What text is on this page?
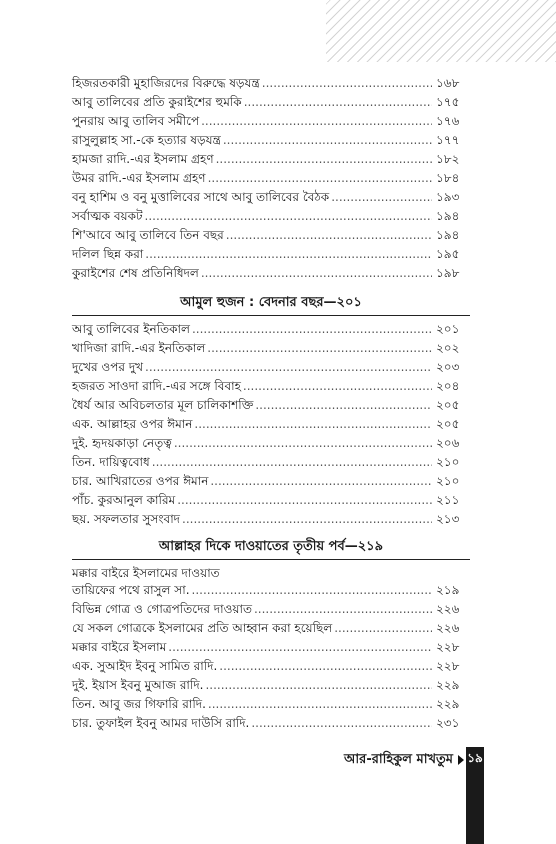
হিজরতকারী মুহাজিরদের বিরুদ্ধে ষড়যন্ত্র .....	১৬৮
আবু তালিবের প্রতি কুরাইশের হুমকি .....	১৭৫
পুনরায় আবু তালিব সমীপে .....	১৭৬
রাসুলুল্লাহ সা.-কে হত্যার ষড়যন্ত্র .....	১৭৭
হামজা রাদি.-এর ইসলাম গ্রহণ .....	১৮২
উমর রাদি.-এর ইসলাম গ্রহণ .....	১৮৪
বনু হাশিম ও বনু মুত্তালিবের সাথে আবু তালিবের বৈঠক .....	১৯৩
সর্বাত্মক বয়কট .....	১৯৪
শি'আবে আবু তালিবে তিন বছর .....	১৯৪
দলিল ছিন্ন করা .....	১৯৫
কুরাইশের শেষ প্রতিনিধিদল .....	১৯৮
আমুল হুজন : বেদনার বছর—২০১
আবু তালিবের ইনতিকাল .....	২০১
খাদিজা রাদি.-এর ইনতিকাল .....	২০২
দুখের ওপর দুখ .....	২০৩
হজরত সাওদা রাদি.-এর সঙ্গে বিবাহ .....	২০৪
ধৈর্য আর অবিচলতার মূল চালিকাশক্তি .....	২০৫
এক. আল্লাহর ওপর ঈমান .....	২০৫
দুই. হৃদয়কাড়া নেতৃত্ব .....	২০৬
তিন. দায়িত্ববোধ .....	২১০
চার. আখিরাতের ওপর ঈমান .....	২১০
পাঁচ. কুরআনুল কারিম .....	২১১
ছয়. সফলতার সুসংবাদ .....	২১৩
আল্লাহর দিকে দাওয়াতের তৃতীয় পর্ব—২১৯
মক্কার বাইরে ইসলামের দাওয়াত
তায়িফের পথে রাসুল সা. .....	২১৯
বিভিন্ন গোত্র ও গোত্রপতিদের দাওয়াত .....	২২৬
যে সকল গোত্রকে ইসলামের প্রতি আহ্বান করা হয়েছিল .....	২২৬
মক্কার বাইরে ইসলাম .....	২২৮
এক. সুআইদ ইবনু সামিত রাদি. .....	২২৮
দুই. ইয়াস ইবনু মুআজ রাদি. .....	২২৯
তিন. আবু জর গিফারি রাদি. .....	২২৯
চার. তুফাইল ইবনু আমর দাউসি রাদি. .....	২৩১
আর-রাহিকুল মাখতুম ১৯
